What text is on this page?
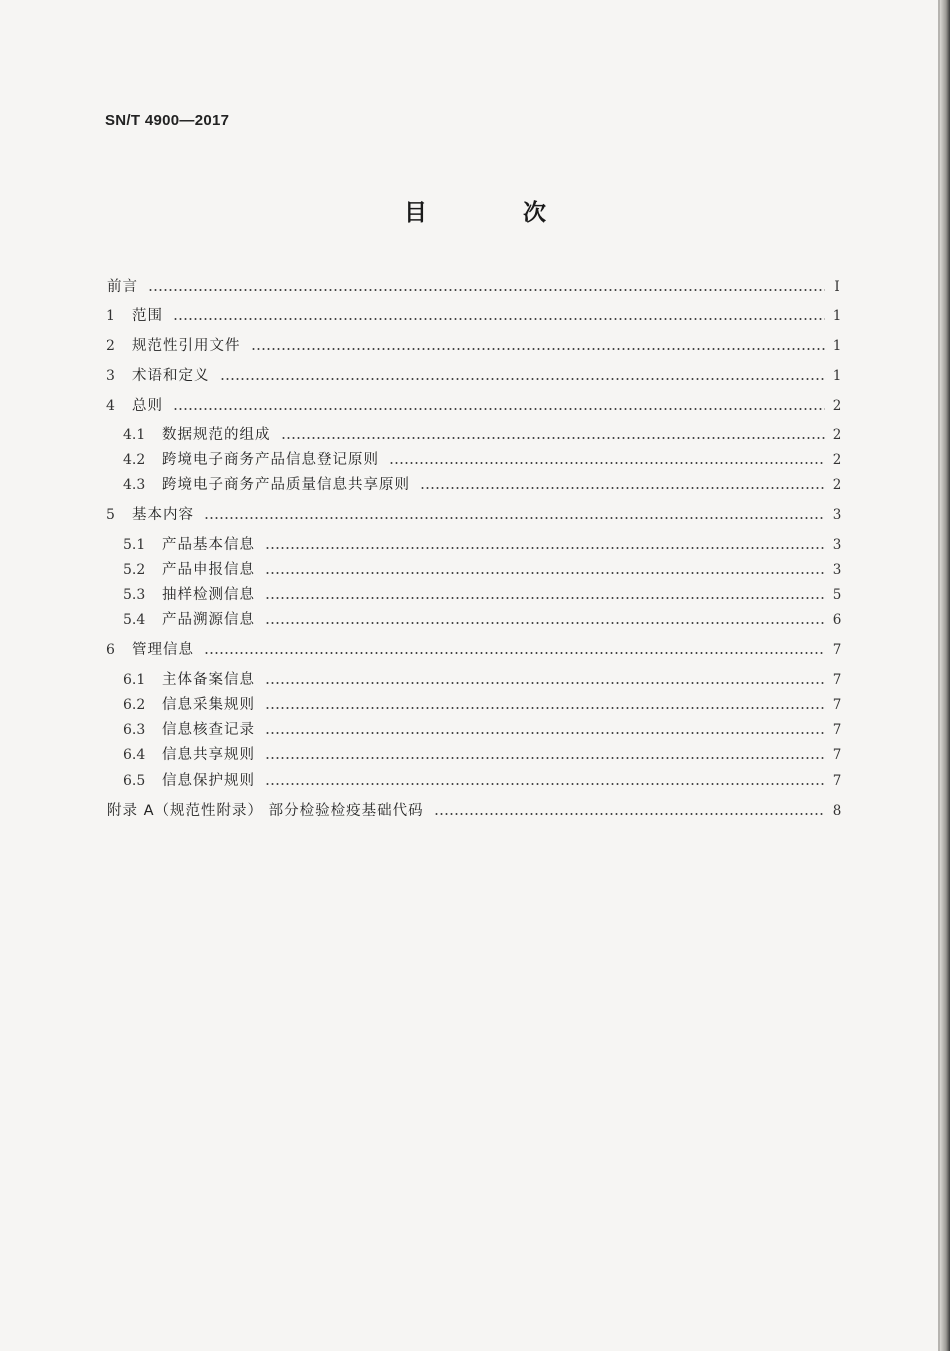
SN/T 4900—2017
目 次
前言	I
1 范围	1
2 规范性引用文件	1
3 术语和定义	1
4 总则	2
4.1 数据规范的组成	2
4.2 跨境电子商务产品信息登记原则	2
4.3 跨境电子商务产品质量信息共享原则	2
5 基本内容	3
5.1 产品基本信息	3
5.2 产品申报信息	3
5.3 抽样检测信息	5
5.4 产品溯源信息	6
6 管理信息	7
6.1 主体备案信息	7
6.2 信息采集规则	7
6.3 信息核查记录	7
6.4 信息共享规则	7
6.5 信息保护规则	7
附录 A（规范性附录） 部分检验检疫基础代码	8
